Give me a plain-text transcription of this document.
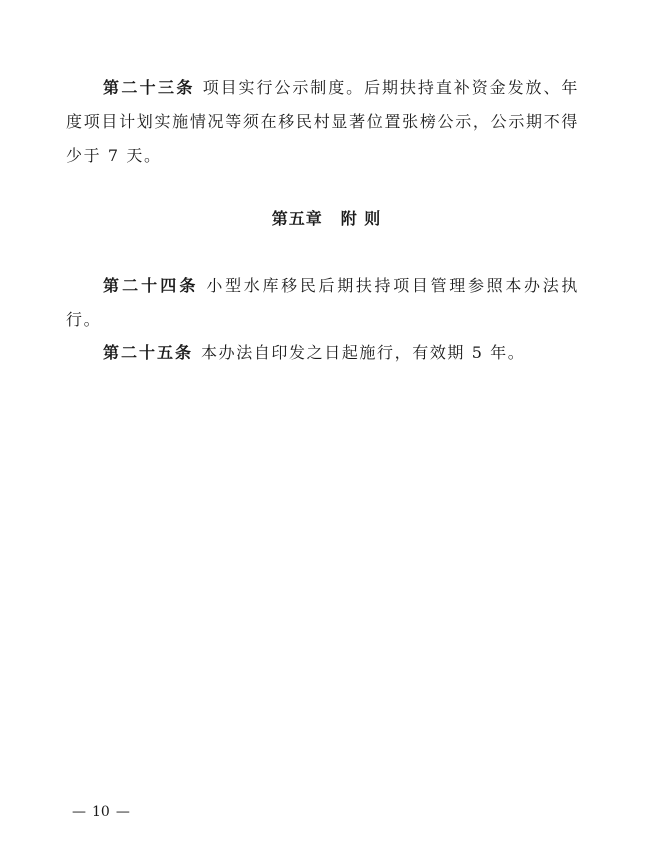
第二十三条 项目实行公示制度。后期扶持直补资金发放、年度项目计划实施情况等须在移民村显著位置张榜公示，公示期不得少于 7 天。

第五章 附 则

第二十四条 小型水库移民后期扶持项目管理参照本办法执行。

第二十五条 本办法自印发之日起施行，有效期 5 年。

— 10 —
